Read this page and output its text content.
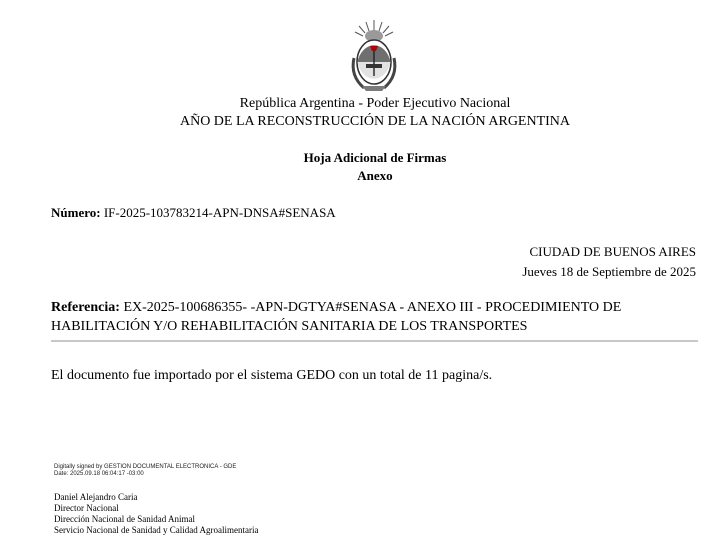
República Argentina - Poder Ejecutivo Nacional
AÑO DE LA RECONSTRUCCIÓN DE LA NACIÓN ARGENTINA
Hoja Adicional de Firmas
Anexo
Número: IF-2025-103783214-APN-DNSA#SENASA
CIUDAD DE BUENOS AIRES
Jueves 18 de Septiembre de 2025
Referencia: EX-2025-100686355- -APN-DGTYA#SENASA - ANEXO III - PROCEDIMIENTO DE HABILITACIÓN Y/O REHABILITACIÓN SANITARIA DE LOS TRANSPORTES
El documento fue importado por el sistema GEDO con un total de 11 pagina/s.
Digitally signed by GESTION DOCUMENTAL ELECTRONICA - GDE
Date: 2025.09.18 06:04:17 -03:00
Daniel Alejandro Caria
Director Nacional
Dirección Nacional de Sanidad Animal
Servicio Nacional de Sanidad y Calidad Agroalimentaria
